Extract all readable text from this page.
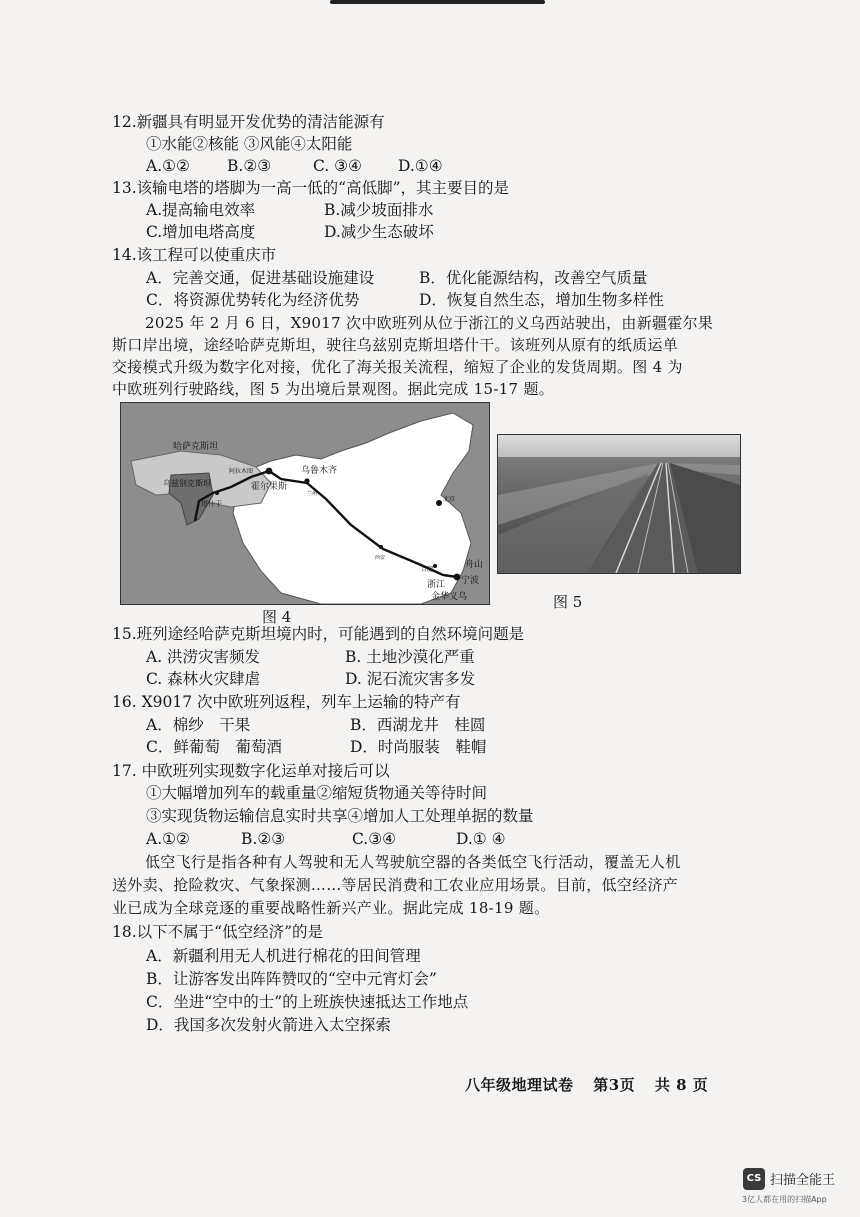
12.新疆具有明显开发优势的清洁能源有
①水能②核能 ③风能④太阳能
A.①② B.②③	C. ③④ D.①④
13.该输电塔的塔脚为一高一低的“高低脚”，其主要目的是
A.提高输电效率	B.减少坡面排水
C.增加电塔高度	D.减少生态破坏
14.该工程可以使重庆市
A．完善交通，促进基础设施建设	B．优化能源结构，改善空气质量
C．将资源优势转化为经济优势	D．恢复自然生态，增加生物多样性
2025 年 2 月 6 日，X9017 次中欧班列从位于浙江的义乌西站驶出，由新疆霍尔果
斯口岸出境，途经哈萨克斯坦，驶往乌兹别克斯坦塔什干。该班列从原有的纸质运单
交接模式升级为数字化对接，优化了海关报关流程，缩短了企业的发货周期。图 4 为
中欧班列行驶路线，图 5 为出境后景观图。据此完成 15-17 题。
哈萨克斯坦
乌兹别克斯坦
塔什干
阿拉木图
霍尔果斯
乌鲁木齐
西安
兰州
北京
合肥	舟山
宁波
浙江
金华义乌
图 4
图 5
15.班列途经哈萨克斯坦境内时，可能遇到的自然环境问题是
A. 洪涝灾害频发	B. 土地沙漠化严重
C. 森林火灾肆虐	D. 泥石流灾害多发
16. X9017 次中欧班列返程，列车上运输的特产有
A．棉纱　干果	B．西湖龙井　桂圆
C．鲜葡萄　葡萄酒	D．时尚服装　鞋帽
17. 中欧班列实现数字化运单对接后可以
①大幅增加列车的载重量②缩短货物通关等待时间
③实现货物运输信息实时共享④增加人工处理单据的数量
A.①②	B.②③	C.③④	D.① ④
低空飞行是指各种有人驾驶和无人驾驶航空器的各类低空飞行活动，覆盖无人机
送外卖、抢险救灾、气象探测……等居民消费和工农业应用场景。目前，低空经济产
业已成为全球竞逐的重要战略性新兴产业。据此完成 18-19 题。
18.以下不属于“低空经济”的是
A．新疆利用无人机进行棉花的田间管理
B．让游客发出阵阵赞叹的“空中元宵灯会”
C．坐进“空中的士”的上班族快速抵达工作地点
D．我国多次发射火箭进入太空探索
八年级地理试卷 第3页 共 8 页
CS 扫描全能王
3亿人都在用的扫描App
